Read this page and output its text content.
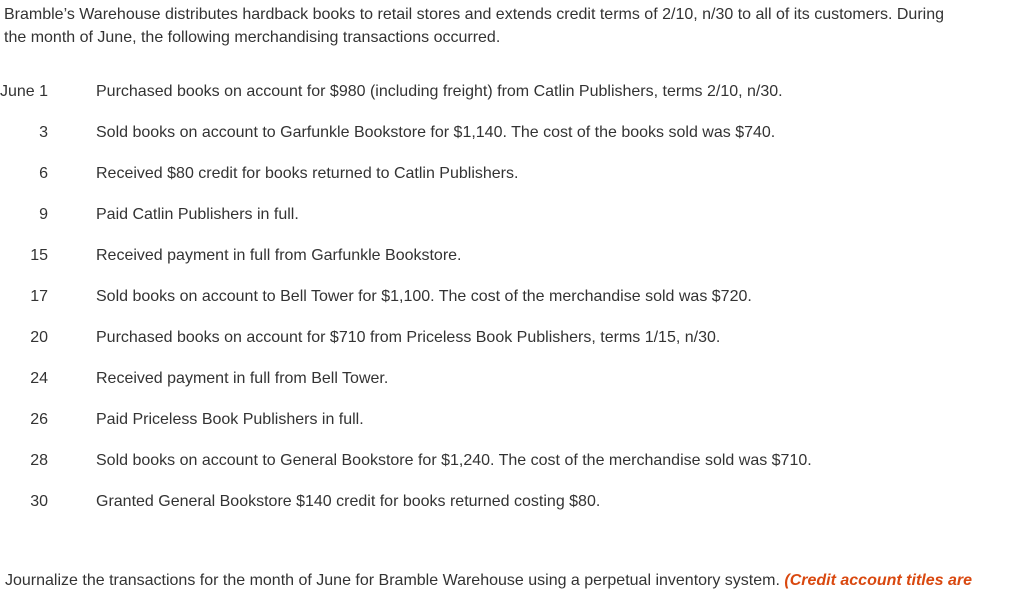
Bramble’s Warehouse distributes hardback books to retail stores and extends credit terms of 2/10, n/30 to all of its customers. During
the month of June, the following merchandising transactions occurred.
June 1	Purchased books on account for $980 (including freight) from Catlin Publishers, terms 2/10, n/30.
3	Sold books on account to Garfunkle Bookstore for $1,140. The cost of the books sold was $740.
6	Received $80 credit for books returned to Catlin Publishers.
9	Paid Catlin Publishers in full.
15	Received payment in full from Garfunkle Bookstore.
17	Sold books on account to Bell Tower for $1,100. The cost of the merchandise sold was $720.
20	Purchased books on account for $710 from Priceless Book Publishers, terms 1/15, n/30.
24	Received payment in full from Bell Tower.
26	Paid Priceless Book Publishers in full.
28	Sold books on account to General Bookstore for $1,240. The cost of the merchandise sold was $710.
30	Granted General Bookstore $140 credit for books returned costing $80.
Journalize the transactions for the month of June for Bramble Warehouse using a perpetual inventory system. (Credit account titles are
